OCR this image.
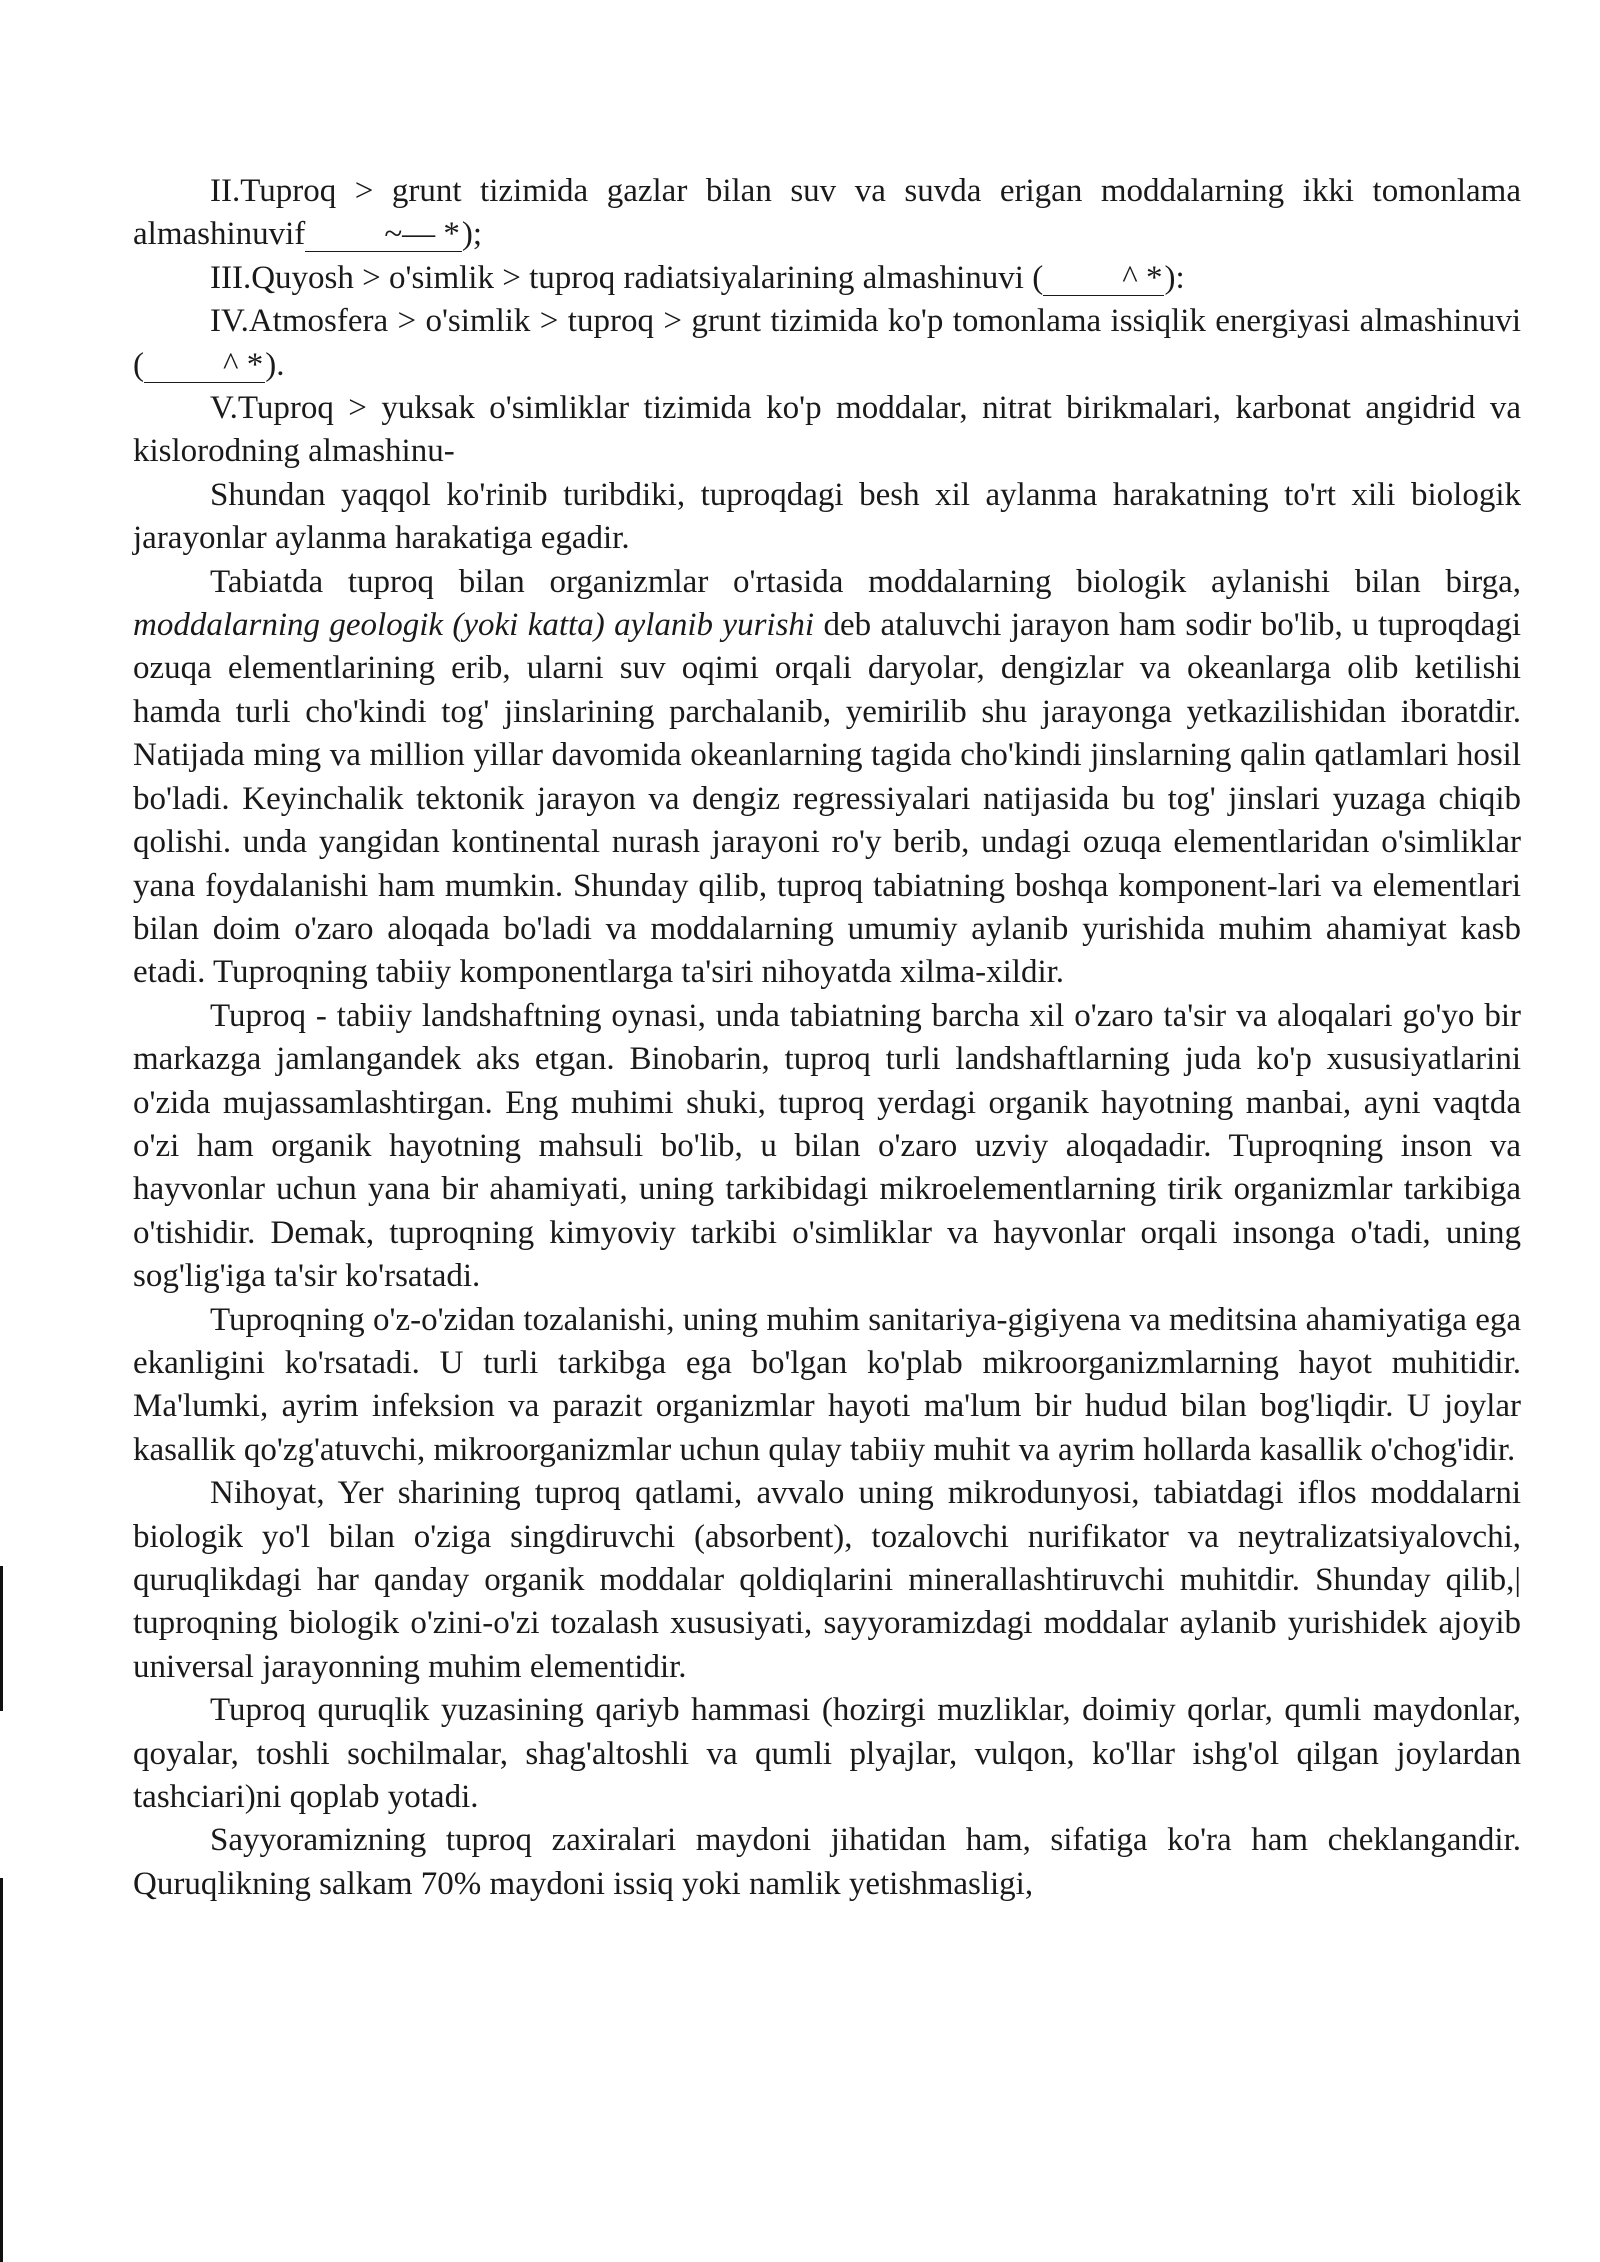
II.Tuproq > grunt tizimida gazlar bilan suv va suvda erigan moddalarning ikki tomonlama almashinuvif ~— *);

III.Quyosh > o'simlik > tuproq radiatsiyalarining almashinuvi ( ^ *):

IV.Atmosfera > o'simlik > tuproq > grunt tizimida ko'p tomonlama issiqlik energiyasi almashinuvi ( ^ *).

V.Tuproq > yuksak o'simliklar tizimida ko'p moddalar, nitrat birikmalari, karbonat angidrid va kislorodning almashinu-

Shundan yaqqol ko'rinib turibdiki, tuproqdagi besh xil aylanma harakatning to'rt xili biologik jarayonlar aylanma harakatiga egadir.

Tabiatda tuproq bilan organizmlar o'rtasida moddalarning biologik aylanishi bilan birga, moddalarning geologik (yoki katta) aylanib yurishi deb ataluvchi jarayon ham sodir bo'lib, u tuproqdagi ozuqa elementlarining erib, ularni suv oqimi orqali daryolar, dengizlar va okeanlarga olib ketilishi hamda turli cho'kindi tog' jinslarining parchalanib, yemirilib shu jarayonga yetkazilishidan iboratdir. Natijada ming va million yillar davomida okeanlarning tagida cho'kindi jinslarning qalin qatlamlari hosil bo'ladi. Keyinchalik tektonik jarayon va dengiz regressiyalari natijasida bu tog' jinslari yuzaga chiqib qolishi. unda yangidan kontinental nurash jarayoni ro'y berib, undagi ozuqa elementlaridan o'simliklar yana foydalanishi ham mumkin. Shunday qilib, tuproq tabiatning boshqa komponent-lari va elementlari bilan doim o'zaro aloqada bo'ladi va moddalarning umumiy aylanib yurishida muhim ahamiyat kasb etadi. Tuproqning tabiiy komponentlarga ta'siri nihoyatda xilma-xildir.

Tuproq - tabiiy landshaftning oynasi, unda tabiatning barcha xil o'zaro ta'sir va aloqalari go'yo bir markazga jamlangandek aks etgan. Binobarin, tuproq turli landshaftlarning juda ko'p xususiyatlarini o'zida mujassamlashtirgan. Eng muhimi shuki, tuproq yerdagi organik hayotning manbai, ayni vaqtda o'zi ham organik hayotning mahsuli bo'lib, u bilan o'zaro uzviy aloqadadir. Tuproqning inson va hayvonlar uchun yana bir ahamiyati, uning tarkibidagi mikroelementlarning tirik organizmlar tarkibiga o'tishidir. Demak, tuproqning kimyoviy tarkibi o'simliklar va hayvonlar orqali insonga o'tadi, uning sog'lig'iga ta'sir ko'rsatadi.

Tuproqning o'z-o'zidan tozalanishi, uning muhim sanitariya-gigiyena va meditsina ahamiyatiga ega ekanligini ko'rsatadi. U turli tarkibga ega bo'lgan ko'plab mikroorganizmlarning hayot muhitidir. Ma'lumki, ayrim infeksion va parazit organizmlar hayoti ma'lum bir hudud bilan bog'liqdir. U joylar kasallik qo'zg'atuvchi, mikroorganizmlar uchun qulay tabiiy muhit va ayrim hollarda kasallik o'chog'idir.

Nihoyat, Yer sharining tuproq qatlami, avvalo uning mikrodunyosi, tabiatdagi iflos moddalarni biologik yo'l bilan o'ziga singdiruvchi (absorbent), tozalovchi nurifikator va neytralizatsiyalovchi, quruqlikdagi har qanday organik moddalar qoldiqlarini minerallashtiruvchi muhitdir. Shunday qilib,| tuproqning biologik o'zini-o'zi tozalash xususiyati, sayyoramizdagi moddalar aylanib yurishidek ajoyib universal jarayonning muhim elementidir.

Tuproq quruqlik yuzasining qariyb hammasi (hozirgi muzliklar, doimiy qorlar, qumli maydonlar, qoyalar, toshli sochilmalar, shag'altoshli va qumli plyajlar, vulqon, ko'llar ishg'ol qilgan joylardan tashciari)ni qoplab yotadi.

Sayyoramizning tuproq zaxiralari maydoni jihatidan ham, sifatiga ko'ra ham cheklangandir. Quruqlikning salkam 70% maydoni issiq yoki namlik yetishmasligi,
